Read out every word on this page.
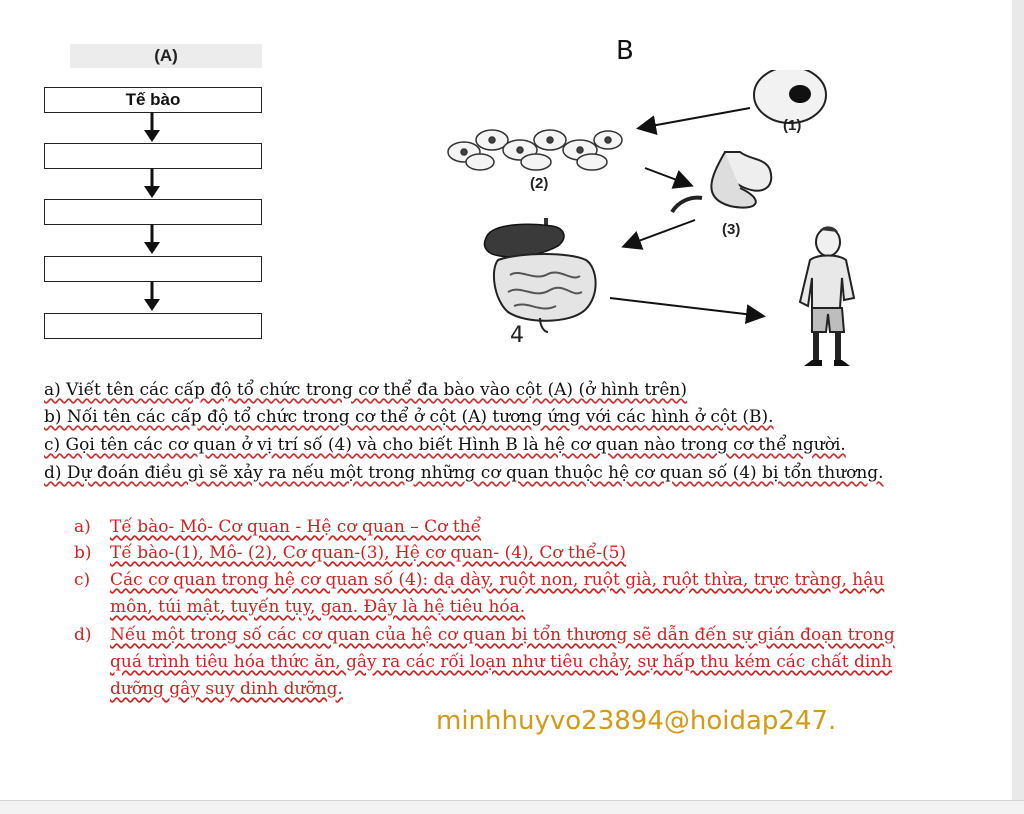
(A)
Tế bào
B
(1)
(2)
(3)
4
a) Viết tên các cấp độ tổ chức trong cơ thể đa bào vào cột (A) (ở hình trên)
b) Nối tên các cấp độ tổ chức trong cơ thể ở cột (A) tương ứng với các hình ở cột (B).
c) Gọi tên các cơ quan ở vị trí số (4) và cho biết Hình B là hệ cơ quan nào trong cơ thể người.
d) Dự đoán điều gì sẽ xảy ra nếu một trong những cơ quan thuộc hệ cơ quan số (4) bị tổn thương.
a) Tế bào- Mô- Cơ quan - Hệ cơ quan – Cơ thể
b) Tế bào-(1), Mô- (2), Cơ quan-(3), Hệ cơ quan- (4), Cơ thể-(5)
c) Các cơ quan trong hệ cơ quan số (4): dạ dày, ruột non, ruột già, ruột thừa, trực tràng, hậu
môn, túi mật, tuyến tụy, gan. Đây là hệ tiêu hóa.
d) Nếu một trong số các cơ quan của hệ cơ quan bị tổn thương sẽ dẫn đến sự gián đoạn trong
quá trình tiêu hóa thức ăn, gây ra các rối loạn như tiêu chảy, sự hấp thu kém các chất dinh
dưỡng gây suy dinh dưỡng.
minhhuyvo23894@hoidap247.
